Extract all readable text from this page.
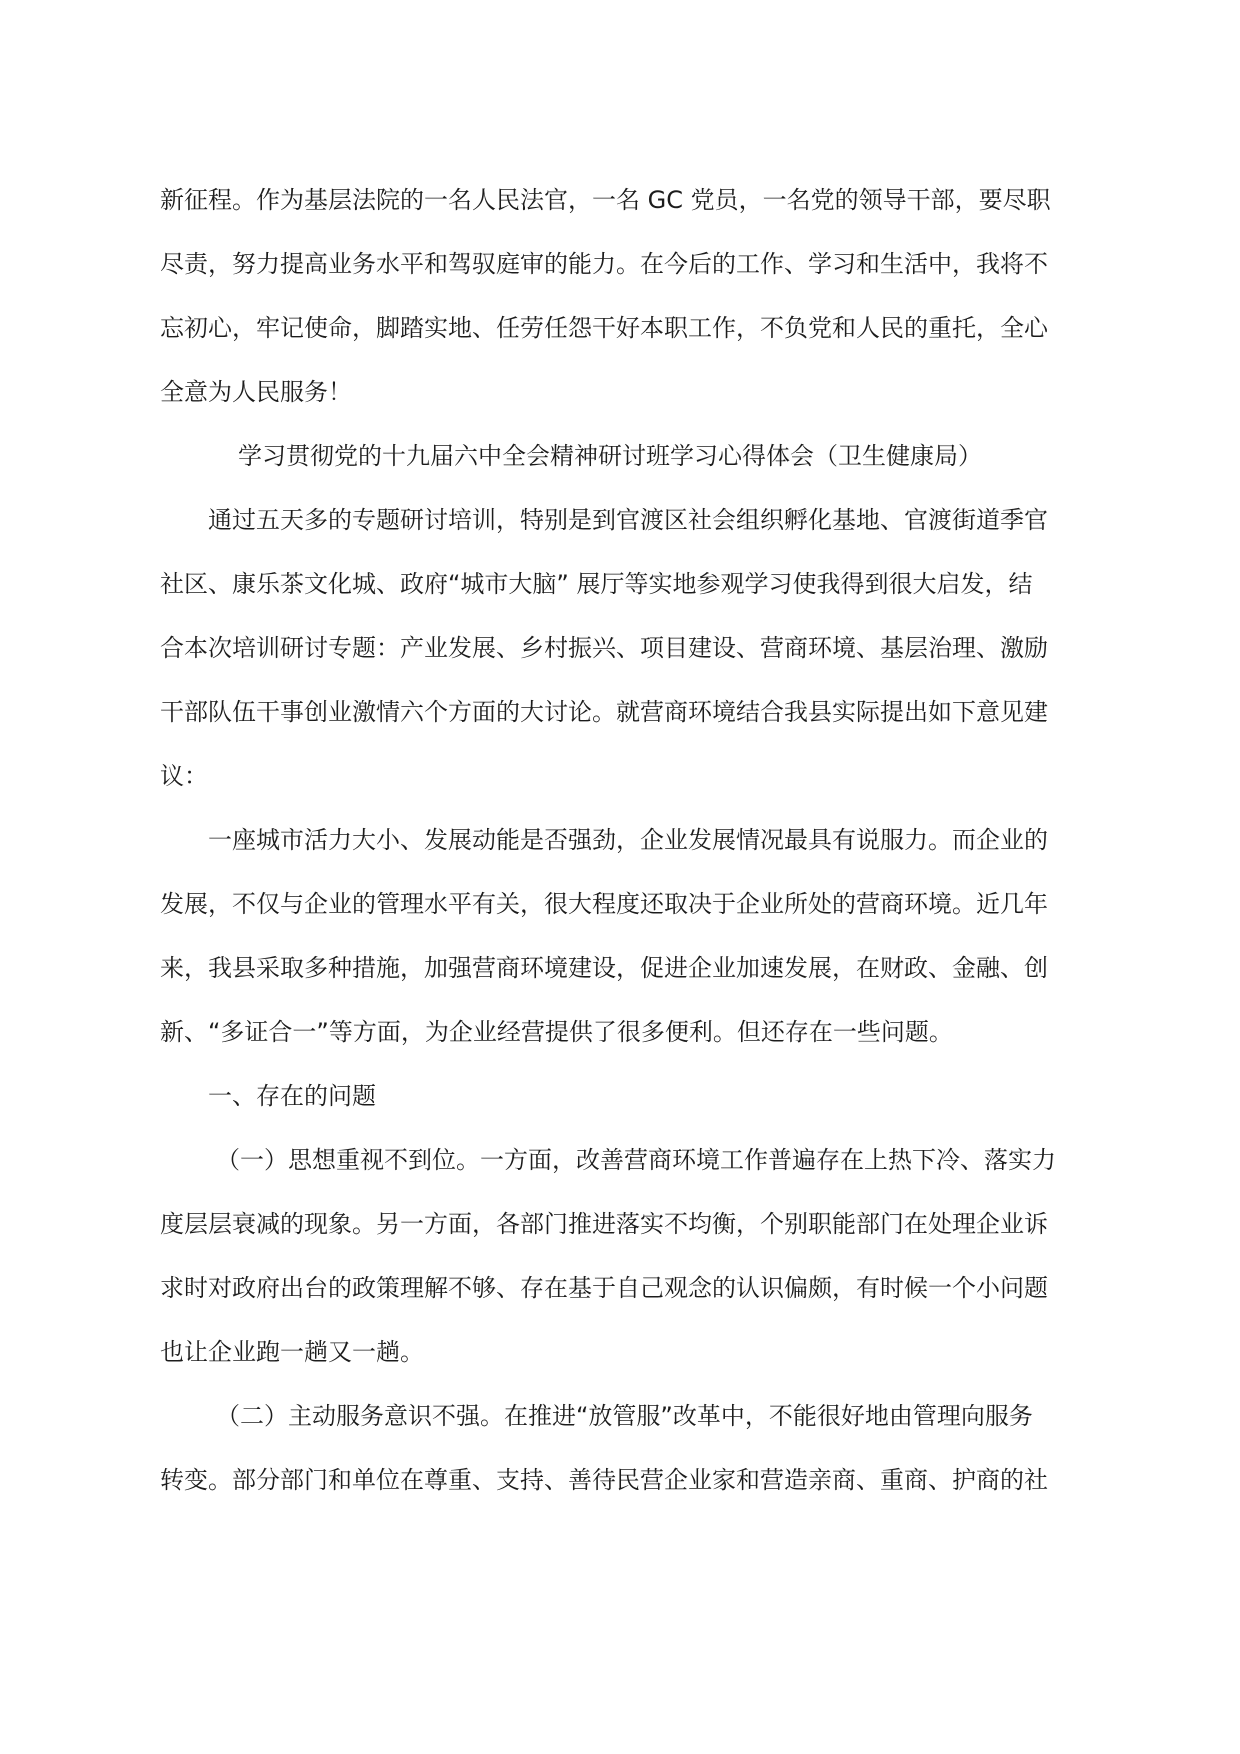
新征程。作为基层法院的一名人民法官，一名 GC 党员，一名党的领导干部，要尽职
尽责，努力提高业务水平和驾驭庭审的能力。在今后的工作、学习和生活中，我将不
忘初心，牢记使命，脚踏实地、任劳任怨干好本职工作，不负党和人民的重托，全心
全意为人民服务！
学习贯彻党的十九届六中全会精神研讨班学习心得体会（卫生健康局）
通过五天多的专题研讨培训，特别是到官渡区社会组织孵化基地、官渡街道季官
社区、康乐茶文化城、政府“城市大脑” 展厅等实地参观学习使我得到很大启发，结
合本次培训研讨专题：产业发展、乡村振兴、项目建设、营商环境、基层治理、激励
干部队伍干事创业激情六个方面的大讨论。就营商环境结合我县实际提出如下意见建
议：
一座城市活力大小、发展动能是否强劲，企业发展情况最具有说服力。而企业的
发展，不仅与企业的管理水平有关，很大程度还取决于企业所处的营商环境。近几年
来，我县采取多种措施，加强营商环境建设，促进企业加速发展，在财政、金融、创
新、“多证合一”等方面，为企业经营提供了很多便利。但还存在一些问题。
一、存在的问题
（一）思想重视不到位。一方面，改善营商环境工作普遍存在上热下冷、落实力
度层层衰减的现象。另一方面，各部门推进落实不均衡，个别职能部门在处理企业诉
求时对政府出台的政策理解不够、存在基于自己观念的认识偏颇，有时候一个小问题
也让企业跑一趟又一趟。
（二）主动服务意识不强。在推进“放管服”改革中，不能很好地由管理向服务
转变。部分部门和单位在尊重、支持、善待民营企业家和营造亲商、重商、护商的社
